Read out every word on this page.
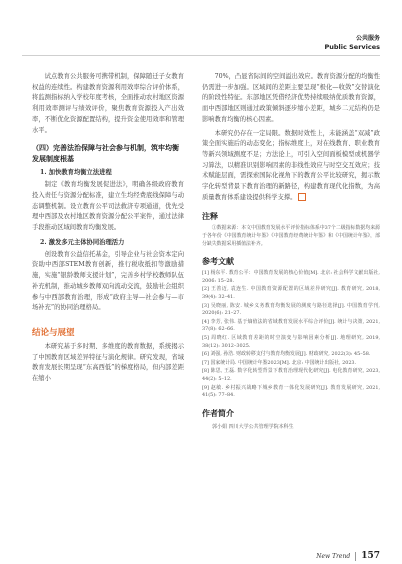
公共服务
Public Services

试点教育公共服务可携带机制，保障随迁子女教育权益的连续性。构建教育资源利用效率综合评价体系，将监测指标纳入学校年度考核，全面推动农村地区资源利用效率测评与绩效评价，聚焦教育资源投入产出效率，不断优化资源配置结构，提升资金使用效率和管理水平。

（四）完善法治保障与社会参与机制，筑牢均衡发展制度根基
1. 加快教育均衡立法进程

制定《教育均衡发展促进法》，明确各级政府教育投入责任与资源分配标准，建立生均经费底线保障与动态调整机制。设立教育公平司法救济专项通道，优先受理中西部及农村地区教育资源分配公平案件，通过法律手段推动区域间教育均衡发展。

2. 激发多元主体协同治理活力

创设教育公益信托基金，引导企业与社会资本定向资助中西部STEM教育创新，推行税收抵扣等激励措施，实施“银龄教师支援计划”，完善乡村学校教师队伍补充机制，推动城乡教师双向流动交流，鼓励社会组织参与中西部教育治理，形成“政府主导—社会参与—市场补充”的协同治理格局。

结论与展望

本研究基于多时期、多维度的教育数据，系统揭示了中国教育区域差异特征与演化规律。研究发现，省域教育发展长期呈现“东高西低”的梯度格局，但内部差距在缩小

70%，凸显省际间的空间溢出效应。教育资源分配的均衡性仍需进一步加强。区域间的差距主要呈现“极化—收敛”交替演化的阶段性特征。东部地区凭借经济优势持续吸纳优质教育资源，而中西部地区则通过政策倾斜逐步缩小差距，城乡二元结构仍是影响教育均衡的核心因素。

本研究仍存在一定局限。数据时效性上，未能涵盖“双减”政策全面实施后的动态变化；指标维度上，对在线教育、职业教育等新兴领域测度不足；方法论上，可引入空间面板模型或机器学习算法，以精准识别影响因素的非线性效应与时空交互效应；技术赋能层面，需探索国际化视角下的教育公平比较研究，揭示数字化转型背景下教育治理的新路径，构建教育现代化指数，为高质量教育体系建设提供科学支撑。

注释

①数据来源：本文中国教育发展水平评价指标体系中37个二级指标数据均来源于各年份《中国教育统计年鉴》《中国教育经费统计年鉴》和《中国统计年鉴》，部分缺失数据采用插值法补齐。

参考文献

[1] 杨东平. 教育公平：中国教育发展的核心价值[M]. 北京: 社会科学文献出版社, 2006: 15–28.

[2] 王善迈, 袁连生. 中国教育资源配置的区域差异研究[J]. 教育研究, 2018, 39(4): 32–41.

[3] 吴晓丽, 陈安. 城乡义务教育均衡发展的测度与路径选择[J]. 中国教育学刊, 2020(6): 21–27.

[4] 李芳, 张伟. 基于熵值法的省域教育发展水平综合评价[J]. 统计与决策, 2021, 37(8): 62–66.

[5] 周晓红. 区域教育差距的时空演变与影响因素分析[J]. 地理研究, 2019, 38(12): 3012–3025.

[6] 刘强, 孙浩. 财政转移支付与教育均衡发展[J]. 财政研究, 2022(3): 45–58.

[7] 国家统计局. 中国统计年鉴2023[M]. 北京: 中国统计出版社, 2023.

[8] 陈思, 王磊. 数字化转型背景下教育治理现代化研究[J]. 电化教育研究, 2023, 44(2): 5–12.

[9] 赵敏. 乡村振兴战略下城乡教育一体化发展研究[J]. 教育发展研究, 2021, 41(5): 77–84.

作者简介

郭小娟 四川大学公共管理学院本科生

New Trend 157
